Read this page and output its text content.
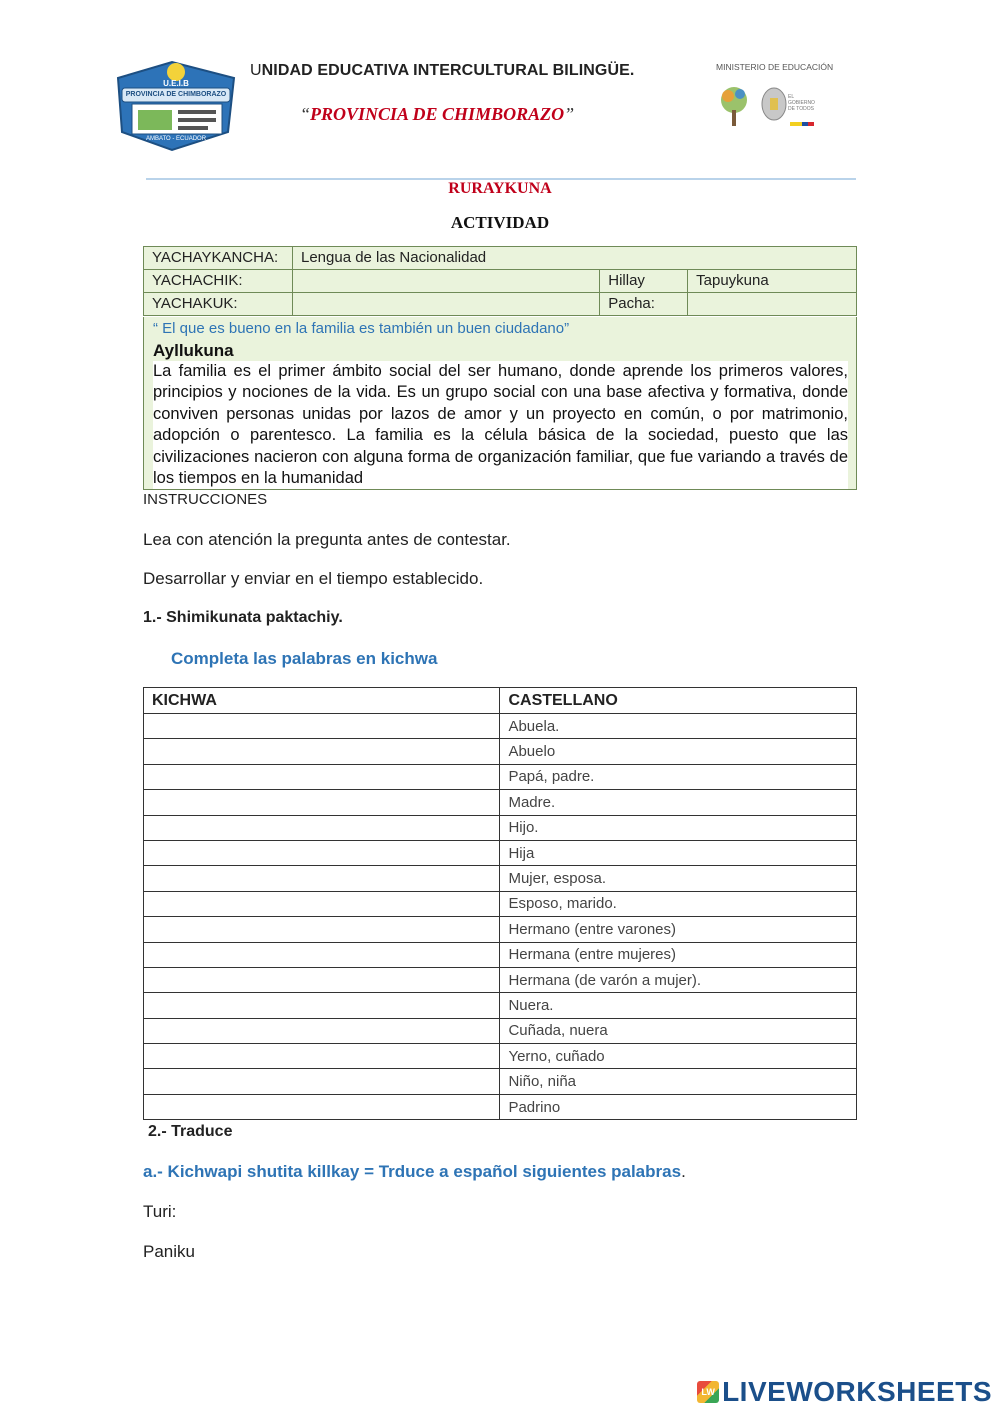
U.E.I.B
PROVINCIA DE CHIMBORAZO
AMBATO - ECUADOR
UNIDAD EDUCATIVA INTERCULTURAL BILINGÜE.
“PROVINCIA DE CHIMBORAZO”
MINISTERIO DE EDUCACIÓN
EL GOBIERNO DE TODOS
RURAYKUNA
ACTIVIDAD
YACHAYKANCHA:	Lengua de las Nacionalidad		
YACHACHIK:		Hillay	Tapuykuna
YACHAKUK:		Pacha:	
“ El que es bueno en la familia es también un buen ciudadano”
Ayllukuna
La familia es el primer ámbito social del ser humano, donde aprende los primeros valores, principios y nociones de la vida. Es un grupo social con una base afectiva y formativa, donde conviven personas unidas por lazos de amor y un proyecto en común, o por matrimonio, adopción o parentesco. La familia es la célula básica de la sociedad, puesto que las civilizaciones nacieron con alguna forma de organización familiar, que fue variando a través de los tiempos en la humanidad
INSTRUCCIONES
Lea con atención la pregunta antes de contestar.
Desarrollar y enviar en el tiempo establecido.
1.- Shimikunata paktachiy.
Completa las palabras en kichwa
KICHWA	CASTELLANO
	Abuela.
	Abuelo
	Papá, padre.
	Madre.
	Hijo.
	Hija
	Mujer, esposa.
	Esposo, marido.
	Hermano (entre varones)
	Hermana (entre mujeres)
	Hermana (de varón a mujer).
	Nuera.
	Cuñada, nuera
	Yerno, cuñado
	Niño, niña
	Padrino
2.- Traduce
a.- Kichwapi shutita killkay = Trduce a español siguientes palabras.
Turi:
Paniku
LW LIVEWORKSHEETS
